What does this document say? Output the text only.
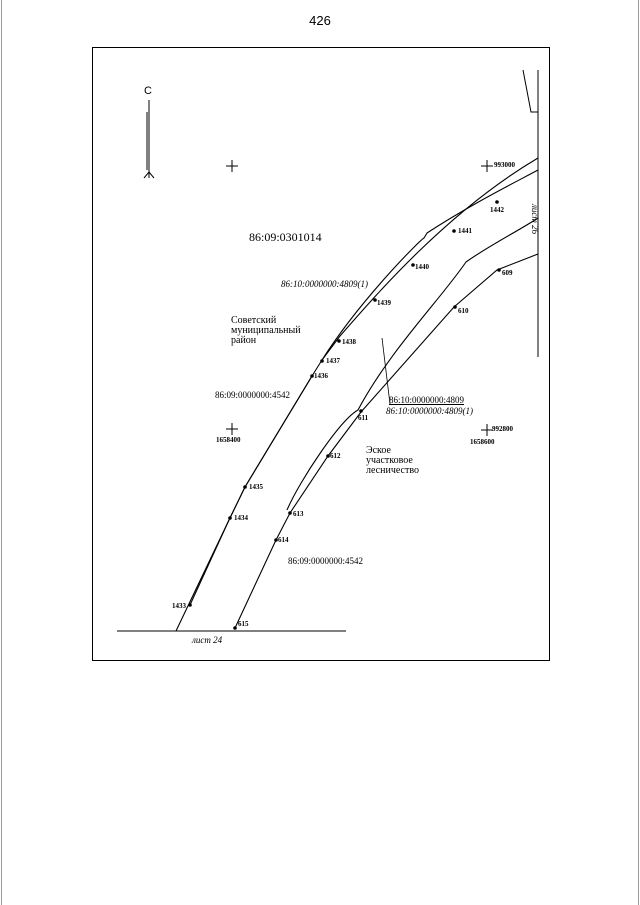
426
С
86:09:0301014
86:10:0000000:4809(1)
Советский
муниципальный
район
86:09:0000000:4542	86:10:0000000:4809
86:10:0000000:4809(1)
Эское
участковое
лесничество
86:09:0000000:4542
993000
992800
1658400	1658600
лист 24
лист 26
1433
1434
1435
1436
1437
1438
1439
1440
1441
1442
609
610
611
612
613
614
615
